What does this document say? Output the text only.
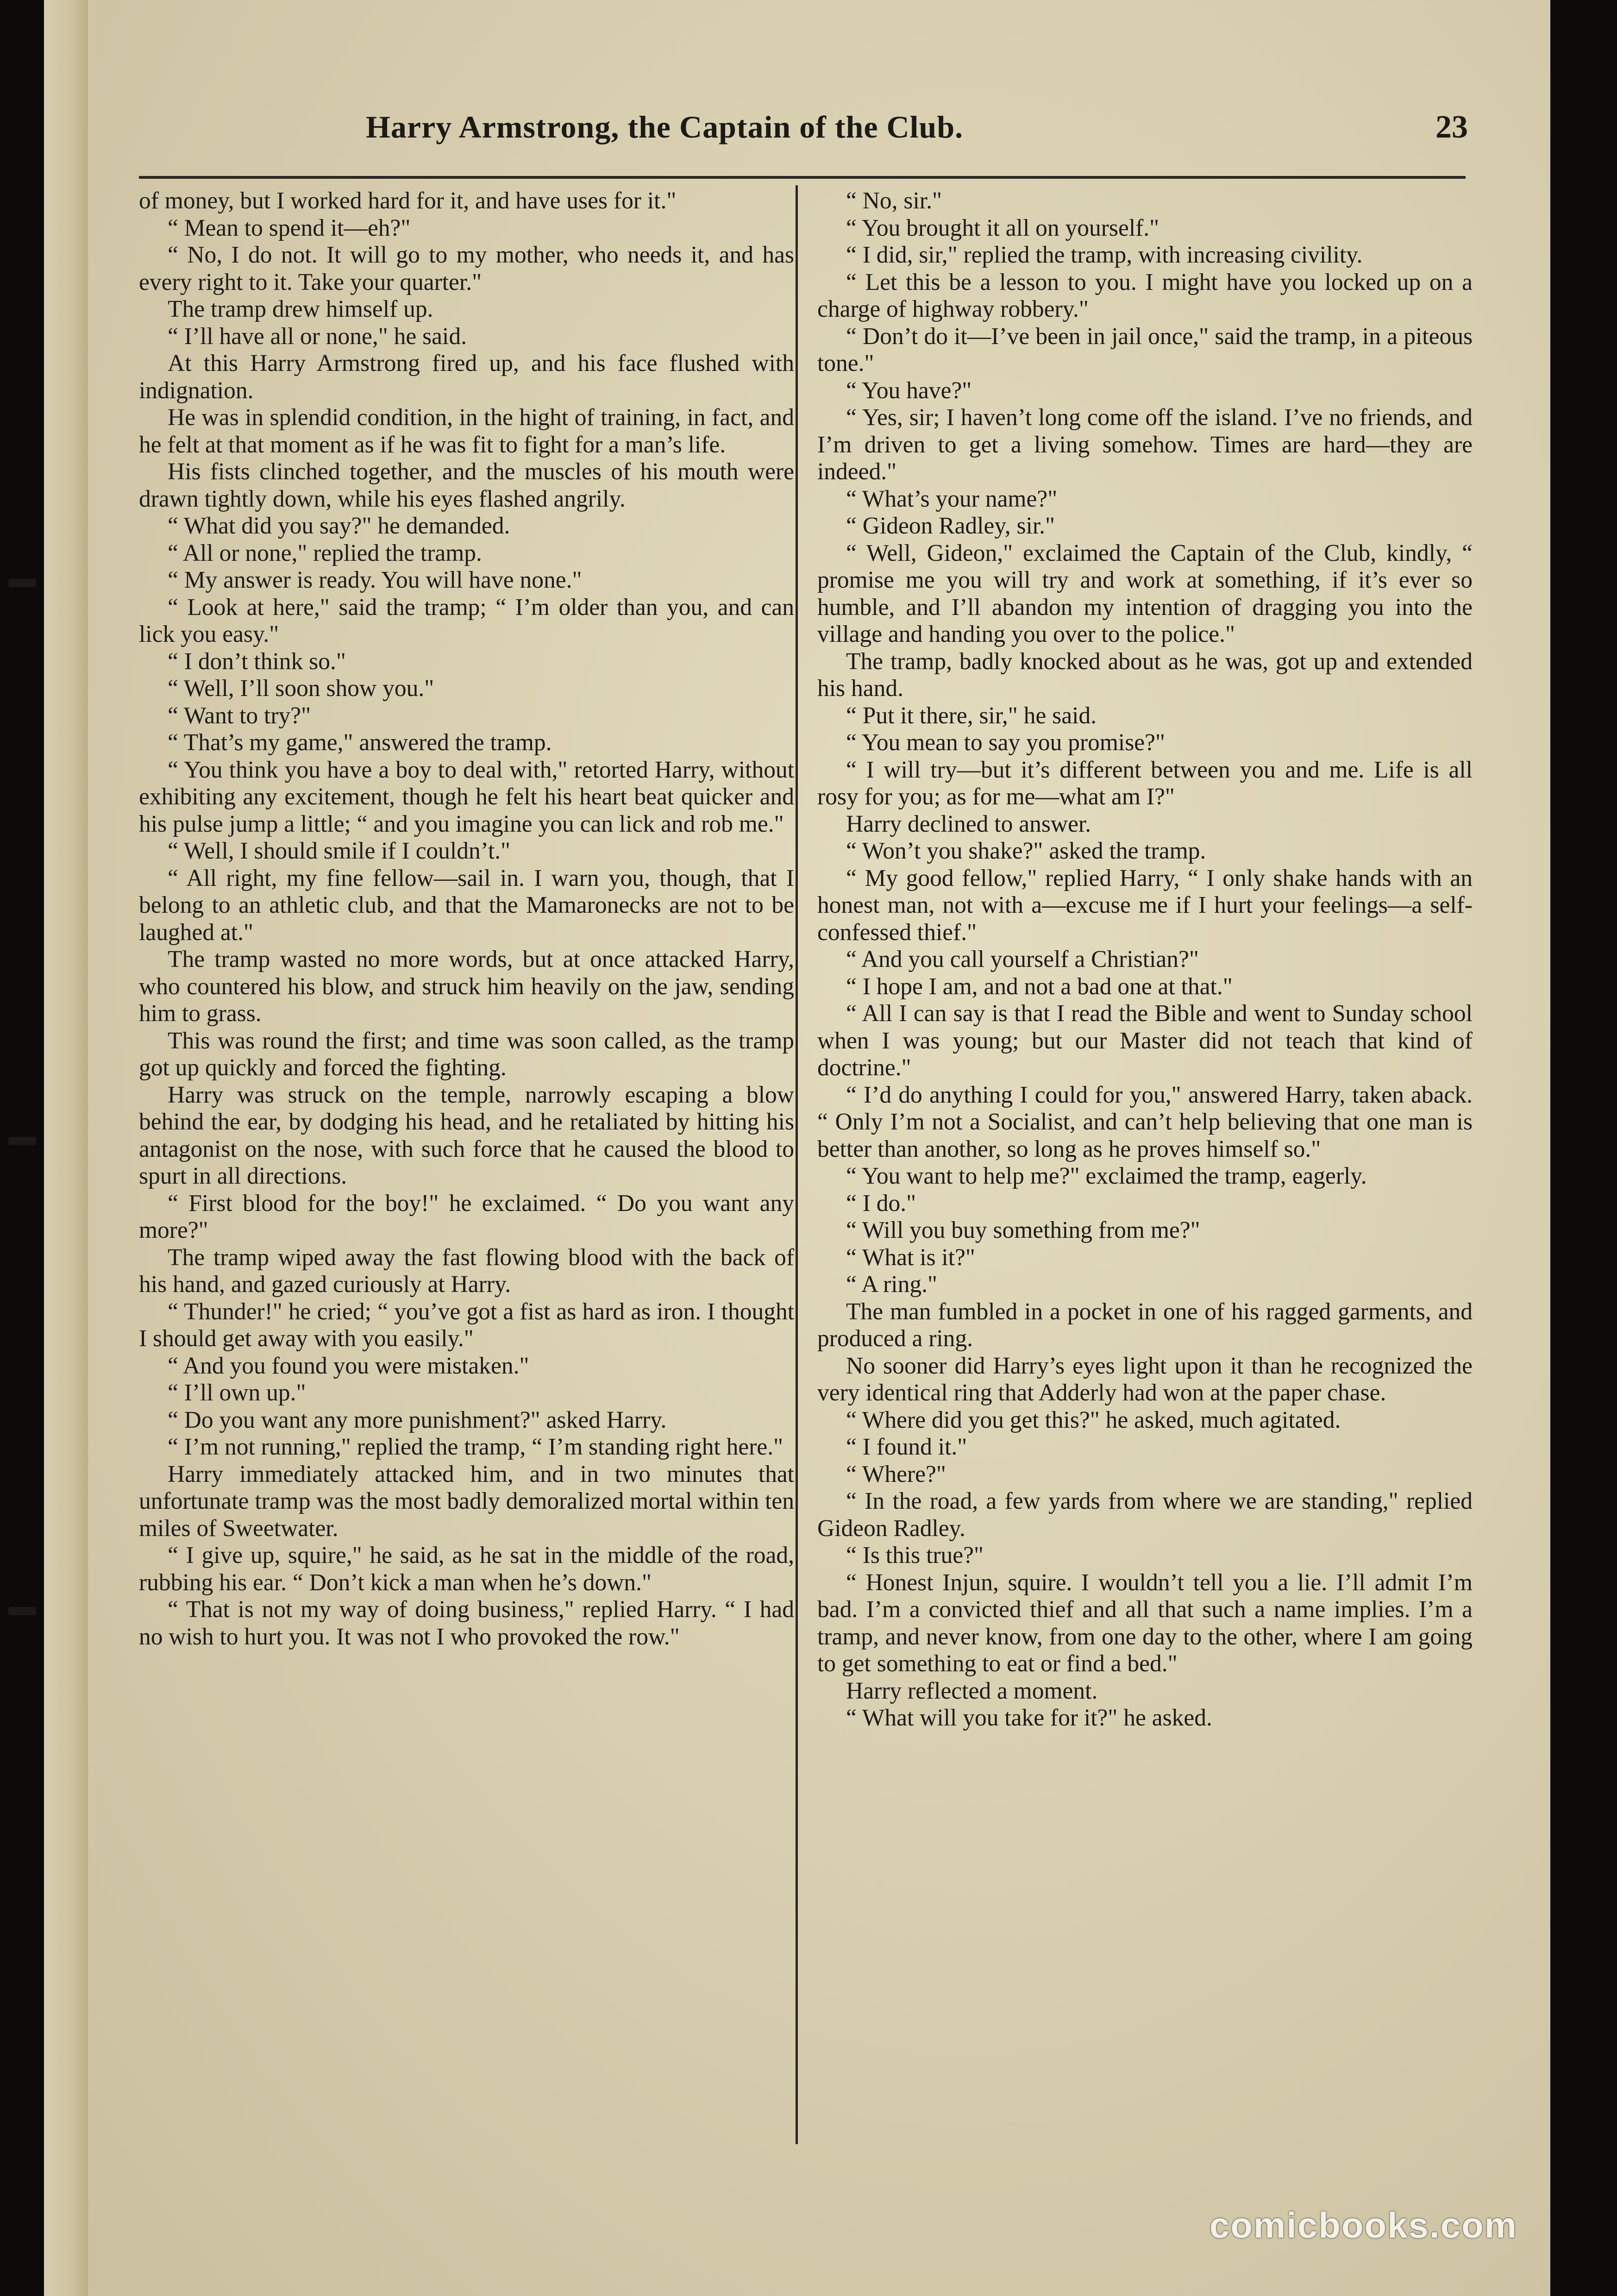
Harry Armstrong, the Captain of the Club.	23

of money, but I worked hard for it, and have uses for it."

“ Mean to spend it—eh?"

“ No, I do not. It will go to my mother, who needs it, and has every right to it. Take your quarter."

The tramp drew himself up.

“ I’ll have all or none," he said.

At this Harry Armstrong fired up, and his face flushed with indignation.

He was in splendid condition, in the hight of training, in fact, and he felt at that moment as if he was fit to fight for a man’s life.

His fists clinched together, and the muscles of his mouth were drawn tightly down, while his eyes flashed angrily.

“ What did you say?" he demanded.

“ All or none," replied the tramp.

“ My answer is ready. You will have none."

“ Look at here," said the tramp; “ I’m older than you, and can lick you easy."

“ I don’t think so."

“ Well, I’ll soon show you."

“ Want to try?"

“ That’s my game," answered the tramp.

“ You think you have a boy to deal with," retorted Harry, without exhibiting any excitement, though he felt his heart beat quicker and his pulse jump a little; “ and you imagine you can lick and rob me."

“ Well, I should smile if I couldn’t."

“ All right, my fine fellow—sail in. I warn you, though, that I belong to an athletic club, and that the Mamaronecks are not to be laughed at."

The tramp wasted no more words, but at once attacked Harry, who countered his blow, and struck him heavily on the jaw, sending him to grass.

This was round the first; and time was soon called, as the tramp got up quickly and forced the fighting.

Harry was struck on the temple, narrowly escaping a blow behind the ear, by dodging his head, and he retaliated by hitting his antagonist on the nose, with such force that he caused the blood to spurt in all directions.

“ First blood for the boy!" he exclaimed. “ Do you want any more?"

The tramp wiped away the fast flowing blood with the back of his hand, and gazed curiously at Harry.

“ Thunder!" he cried; “ you’ve got a fist as hard as iron. I thought I should get away with you easily."

“ And you found you were mistaken."

“ I’ll own up."

“ Do you want any more punishment?" asked Harry.

“ I’m not running," replied the tramp, “ I’m standing right here."

Harry immediately attacked him, and in two minutes that unfortunate tramp was the most badly demoralized mortal within ten miles of Sweetwater.

“ I give up, squire," he said, as he sat in the middle of the road, rubbing his ear. “ Don’t kick a man when he’s down."

“ That is not my way of doing business," replied Harry. “ I had no wish to hurt you. It was not I who provoked the row."

“ No, sir."

“ You brought it all on yourself."

“ I did, sir," replied the tramp, with increasing civility.

“ Let this be a lesson to you. I might have you locked up on a charge of highway robbery."

“ Don’t do it—I’ve been in jail once," said the tramp, in a piteous tone."

“ You have?"

“ Yes, sir; I haven’t long come off the island. I’ve no friends, and I’m driven to get a living somehow. Times are hard—they are indeed."

“ What’s your name?"

“ Gideon Radley, sir."

“ Well, Gideon," exclaimed the Captain of the Club, kindly, “ promise me you will try and work at something, if it’s ever so humble, and I’ll abandon my intention of dragging you into the village and handing you over to the police."

The tramp, badly knocked about as he was, got up and extended his hand.

“ Put it there, sir," he said.

“ You mean to say you promise?"

“ I will try—but it’s different between you and me. Life is all rosy for you; as for me—what am I?"

Harry declined to answer.

“ Won’t you shake?" asked the tramp.

“ My good fellow," replied Harry, “ I only shake hands with an honest man, not with a—excuse me if I hurt your feelings—a self-confessed thief."

“ And you call yourself a Christian?"

“ I hope I am, and not a bad one at that."

“ All I can say is that I read the Bible and went to Sunday school when I was young; but our Master did not teach that kind of doctrine."

“ I’d do anything I could for you," answered Harry, taken aback. “ Only I’m not a Socialist, and can’t help believing that one man is better than another, so long as he proves himself so."

“ You want to help me?" exclaimed the tramp, eagerly.

“ I do."

“ Will you buy something from me?"

“ What is it?"

“ A ring."

The man fumbled in a pocket in one of his ragged garments, and produced a ring.

No sooner did Harry’s eyes light upon it than he recognized the very identical ring that Adderly had won at the paper chase.

“ Where did you get this?" he asked, much agitated.

“ I found it."

“ Where?"

“ In the road, a few yards from where we are standing," replied Gideon Radley.

“ Is this true?"

“ Honest Injun, squire. I wouldn’t tell you a lie. I’ll admit I’m bad. I’m a convicted thief and all that such a name implies. I’m a tramp, and never know, from one day to the other, where I am going to get something to eat or find a bed."

Harry reflected a moment.

“ What will you take for it?" he asked.

comicbooks.com
